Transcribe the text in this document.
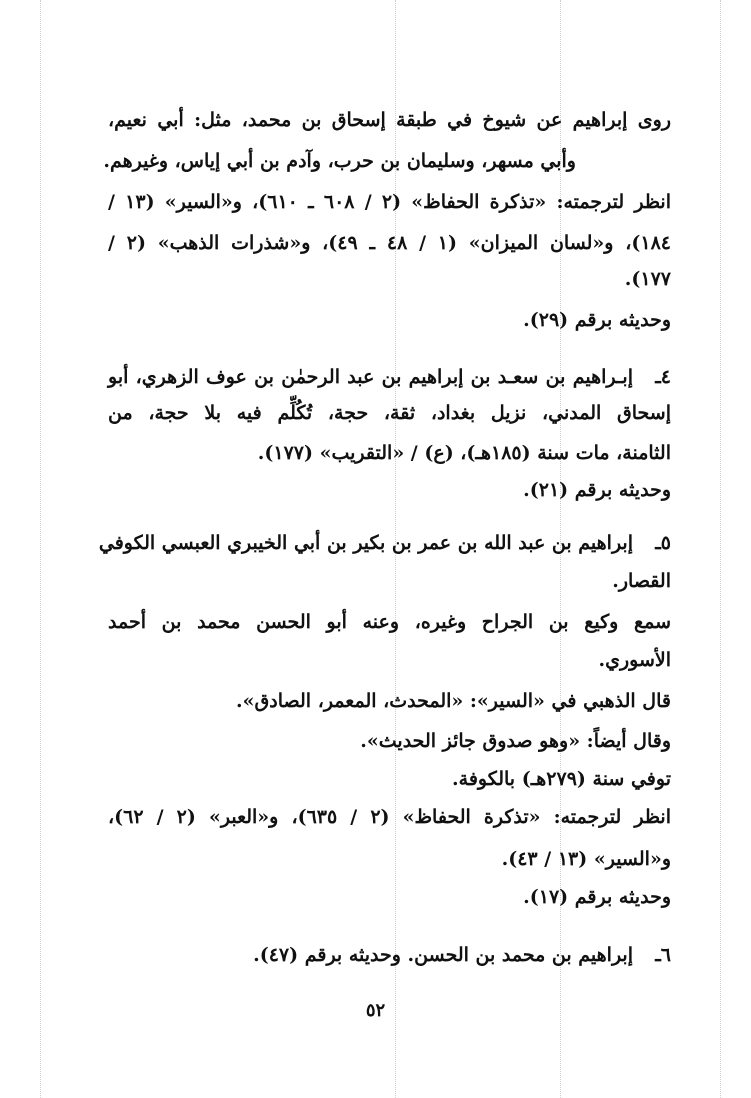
روى إبراهيم عن شيوخ في طبقة إسحاق بن محمد، مثل: أبي نعيم،

وأبي مسهر، وسليمان بن حرب، وآدم بن أبي إياس، وغيرهم.

انظر لترجمته: «تذكرة الحفاظ» (٢ / ٦٠٨ ـ ٦١٠)، و«السير» (١٣ /

١٨٤)، و«لسان الميزان» (١ / ٤٨ ـ ٤٩)، و«شذرات الذهب» (٢ /

١٧٧).

وحديثه برقم (٢٩).

٤ـ

إبـراهيم بن سعـد بن إبراهيم بن عبد الرحمٰن بن عوف الزهري، أبو

إسحاق المدني، نزيل بغداد، ثقة، حجة، تُكُلِّم فيه بلا حجة، من

الثامنة، مات سنة (١٨٥هـ)، (ع) / «التقريب» (١٧٧).

وحديثه برقم (٢١).

٥ـ

إبراهيم بن عبد الله بن عمر بن بكير بن أبي الخيبري العبسي الكوفي

القصار.

سمع وكيع بن الجراح وغيره، وعنه أبو الحسن محمد بن أحمد

الأسوري.

قال الذهبي في «السير»: «المحدث، المعمر، الصادق».

وقال أيضاً: «وهو صدوق جائز الحديث».

توفي سنة (٢٧٩هـ) بالكوفة.

انظر لترجمته: «تذكرة الحفاظ» (٢ / ٦٣٥)، و«العبر» (٢ / ٦٢)،

و«السير» (١٣ / ٤٣).

وحديثه برقم (١٧).

٦ـ

إبراهيم بن محمد بن الحسن. وحديثه برقم (٤٧).

٥٢
